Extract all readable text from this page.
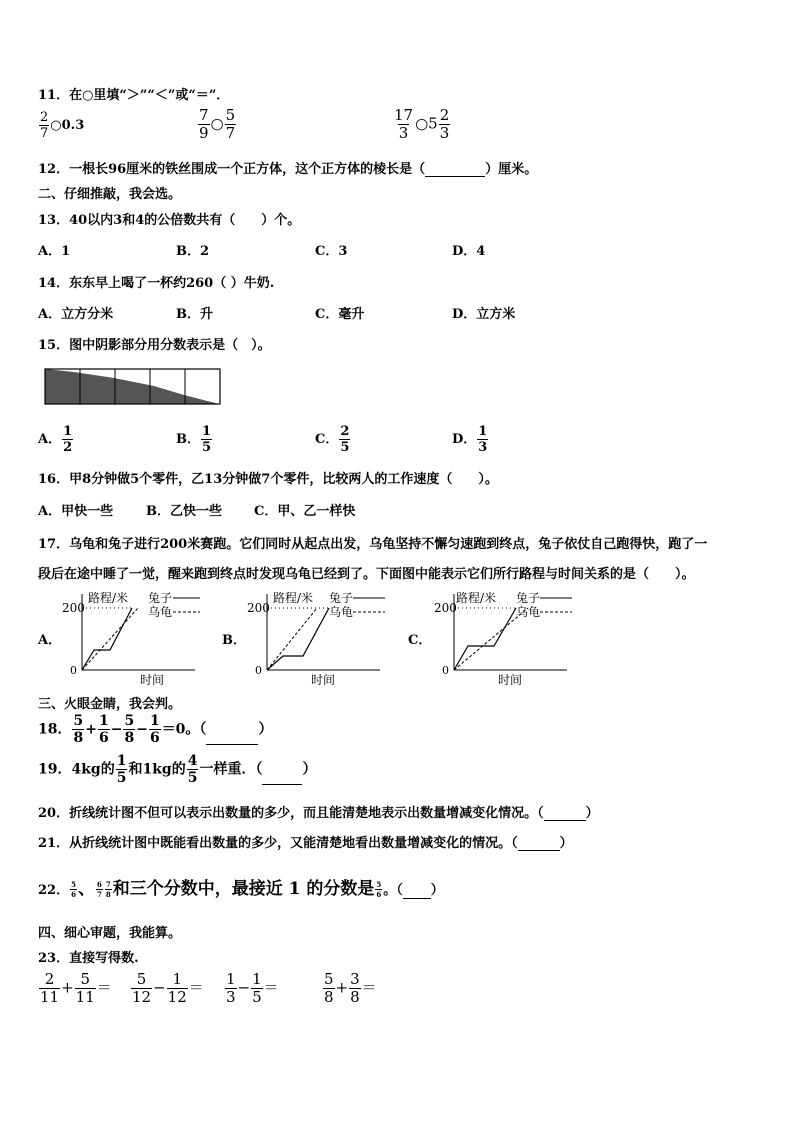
11．在○里填“＞”“＜”或“＝”．
$\frac{2}{7}$ ○0.3	$\frac{7}{9}$ ○ $\frac{5}{7}$	$\frac{17}{3}$ ○5 $\frac{2}{3}$
12．一根长96厘米的铁丝围成一个正方体，这个正方体的棱长是（	）厘米。
二、仔细推敲，我会选。
13．40以内3和4的公倍数共有（　　）个。
A．1	B．2	C．3	D．4
14．东东早上喝了一杯约260（ ）牛奶.
A．立方分米	B．升	C．毫升	D．立方米
15．图中阴影部分用分数表示是（　）。
A． $\frac{1}{2}$	B． $\frac{1}{5}$	C． $\frac{2}{5}$	D． $\frac{1}{3}$
16．甲8分钟做5个零件，乙13分钟做7个零件，比较两人的工作速度（　　）。
A．甲快一些	B．乙快一些 C．甲、乙一样快
17．乌龟和兔子进行200米赛跑。它们同时从起点出发，乌龟坚持不懈匀速跑到终点，兔子依仗自己跑得快，跑了一
段后在途中睡了一觉，醒来跑到终点时发现乌龟已经到了。下面图中能表示它们所行路程与时间关系的是（　　）。
A．	B．	C．
200
0
路程/米
时间
兔子
乌龟	200
0
路程/米
时间
兔子
乌龟	200
0
路程/米
时间
兔子
乌龟
三、火眼金睛，我会判。
18． $\frac{5}{8} + \frac{1}{6} - \frac{5}{8} - \frac{1}{6} =0$。（	）
19．4kg的 $\frac{1}{5}$ 和1kg的 $\frac{4}{5}$ 一样重．（	）
20．折线统计图不但可以表示出数量的多少，而且能清楚地表示出数量增减变化情况。（	）
21．从折线统计图中既能看出数量的多少，又能清楚地看出数量增减变化的情况。（	）
22． $\frac{5}{6}$ 、 $\frac{6}{7} \frac{7}{8}$ 和三个分数中，最接近 1 的分数是 $\frac{5}{6}$ 。（ ）
四、细心审题，我能算。
23．直接写得数.
$\frac{2}{11} + \frac{5}{11} = \frac{5}{12} - \frac{1}{12} = \frac{1}{3} - \frac{1}{5}$ ＝	$\frac{5}{8} + \frac{3}{8}$ ＝
